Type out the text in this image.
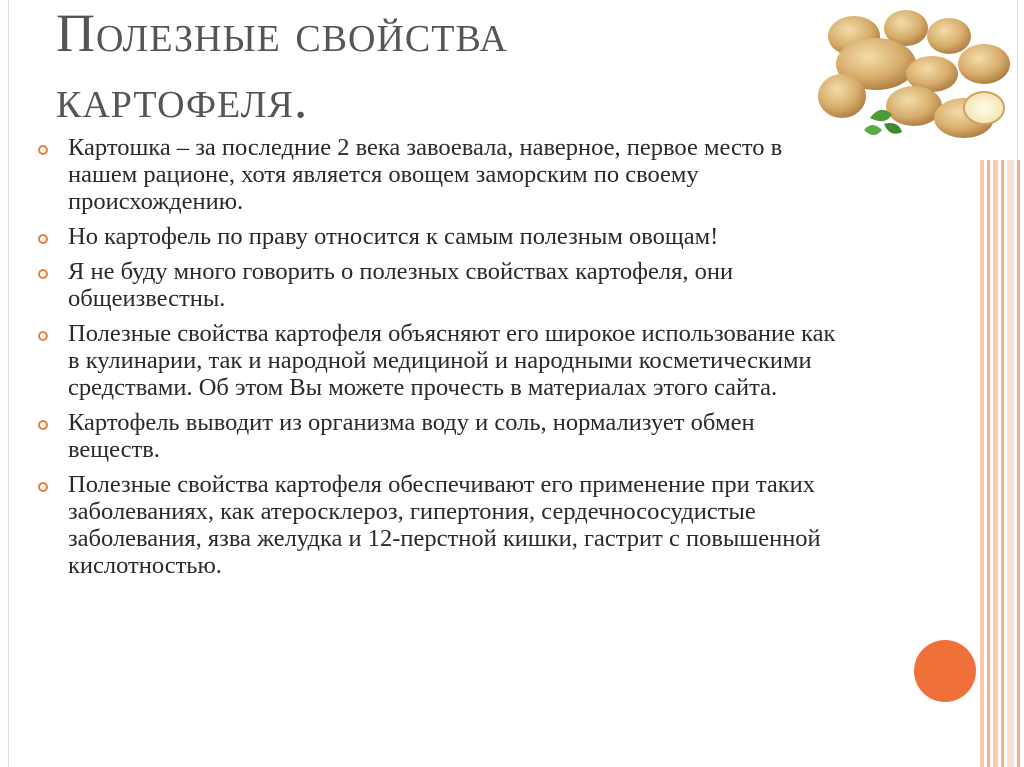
Полезные свойства
картофеля.
Картошка – за последние 2 века завоевала, наверное, первое место в нашем рационе, хотя является овощем заморским по своему происхождению.
Но картофель по праву относится к самым полезным овощам!
Я не буду много говорить о полезных свойствах картофеля, они общеизвестны.
Полезные свойства картофеля объясняют его широкое использование как в кулинарии, так и народной медициной и народными косметическими средствами. Об этом Вы можете прочесть в материалах этого сайта.
Картофель выводит из организма воду и соль, нормализует обмен веществ.
Полезные свойства картофеля обеспечивают его применение при таких заболеваниях, как атеросклероз, гипертония, сердечнососудистые заболевания, язва желудка и 12-перстной кишки, гастрит с повышенной кислотностью.
